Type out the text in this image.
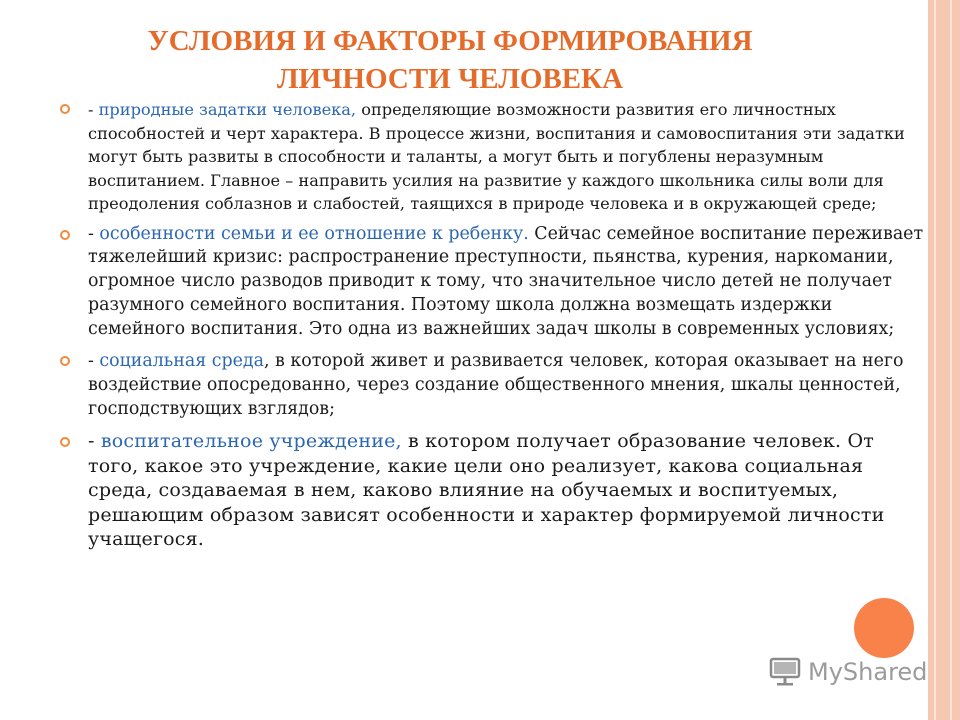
УСЛОВИЯ И ФАКТОРЫ ФОРМИРОВАНИЯ
ЛИЧНОСТИ ЧЕЛОВЕКА
- природные задатки человека, определяющие возможности развития его личностных способностей и черт характера. В процессе жизни, воспитания и самовоспитания эти задатки могут быть развиты в способности и таланты, а могут быть и погублены неразумным воспитанием. Главное – направить усилия на развитие у каждого школьника силы воли для преодоления соблазнов и слабостей, таящихся в природе человека и в окружающей среде;
- особенности семьи и ее отношение к ребенку. Сейчас семейное воспитание переживает тяжелейший кризис: распространение преступности, пьянства, курения, наркомании, огромное число разводов приводит к тому, что значительное число детей не получает разумного семейного воспитания. Поэтому школа должна возмещать издержки семейного воспитания. Это одна из важнейших задач школы в современных условиях;
- социальная среда, в которой живет и развивается человек, которая оказывает на него воздействие опосредованно, через создание общественного мнения, шкалы ценностей, господствующих взглядов;
- воспитательное учреждение, в котором получает образование человек. От того, какое это учреждение, какие цели оно реализует, какова социальная среда, создаваемая в нем, каково влияние на обучаемых и воспитуемых, решающим образом зависят особенности и характер формируемой личности учащегося.
MyShared
